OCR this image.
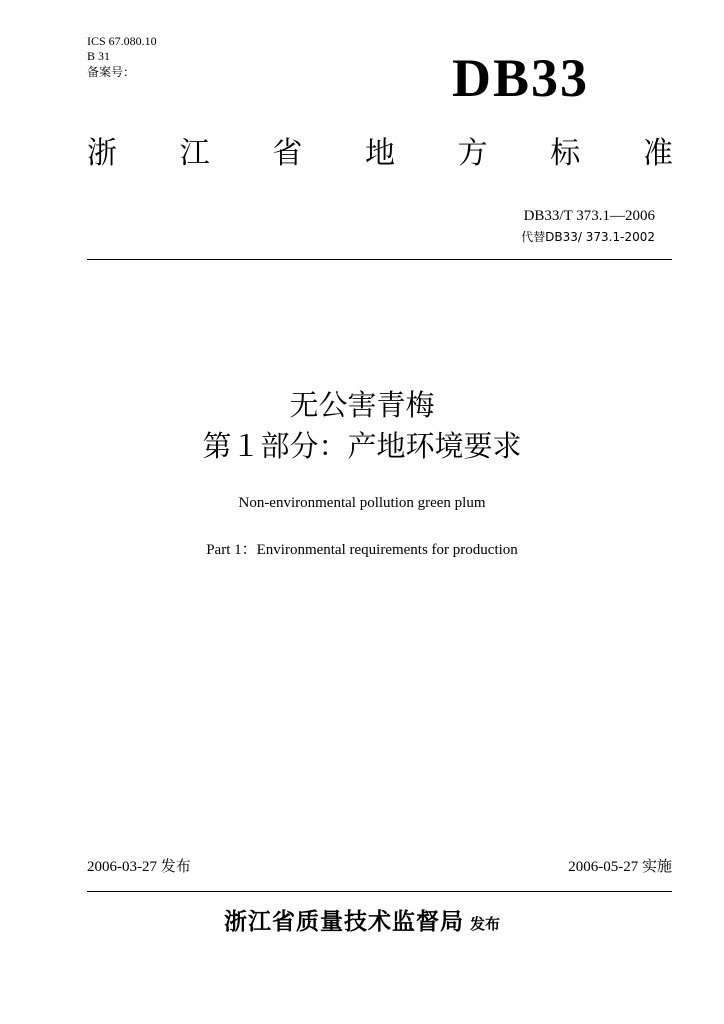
ICS 67.080.10
B 31
备案号：	DB33
浙 江 省 地 方 标 准
DB33/T 373.1—2006
代替DB33/ 373.1-2002
无公害青梅
第１部分：产地环境要求
Non-environmental pollution green plum
Part 1：Environmental requirements for production
2006-03-27 发布	2006-05-27 实施
浙江省质量技术监督局 发布
